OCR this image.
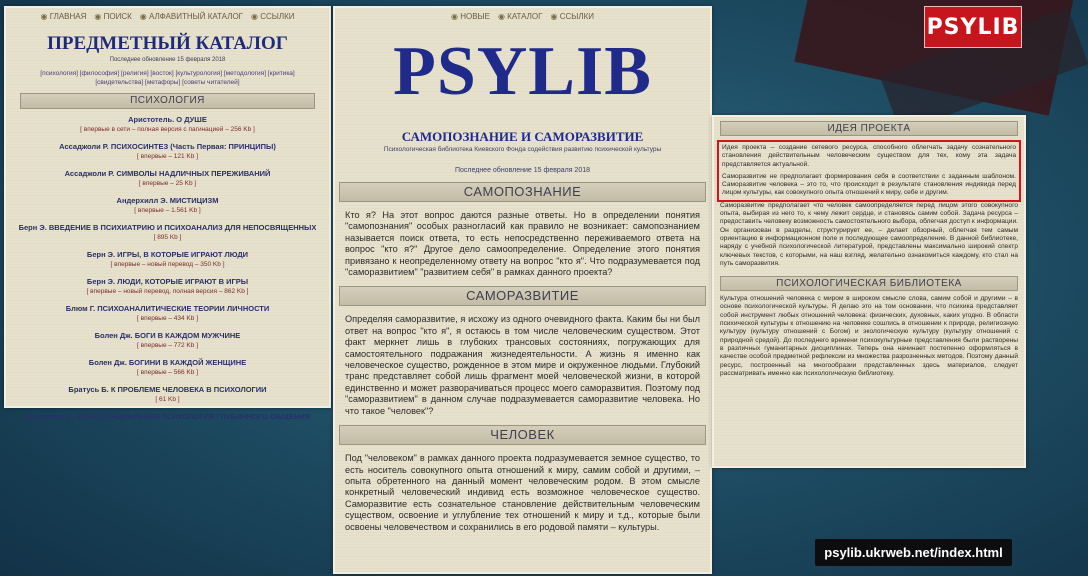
PSYLIB
◉ ГЛАВНАЯ	◉ ПОИСК	◉ АЛФАВИТНЫЙ КАТАЛОГ	◉ ССЫЛКИ
ПРЕДМЕТНЫЙ КАТАЛОГ
Последнее обновление 15 февраля 2018
[психология] [философия] [религия] [восток] [культурология] [методология] [критика] [свидетельства] [метафоры] [советы читателей]
ПСИХОЛОГИЯ
Аристотель. О ДУШЕ
[ впервые в сети – полная версия с пагинацией – 256 Kb ]
Ассаджоли Р. ПСИХОСИНТЕЗ (Часть Первая: ПРИНЦИПЫ)
[ впервые – 121 Kb ]
Ассаджоли Р. СИМВОЛЫ НАДЛИЧНЫХ ПЕРЕЖИВАНИЙ
[ впервые – 25 Kb ]
Андерхилл Э. МИСТИЦИЗМ
[ впервые – 1.561 Kb ]
Берн Э. ВВЕДЕНИЕ В ПСИХИАТРИЮ И ПСИХОАНАЛИЗ ДЛЯ НЕПОСВЯЩЕННЫХ
[ 895 Kb ]
Берн Э. ИГРЫ, В КОТОРЫЕ ИГРАЮТ ЛЮДИ
[ впервые – новый перевод – 350 Kb ]
Берн Э. ЛЮДИ, КОТОРЫЕ ИГРАЮТ В ИГРЫ
[ впервые – новый перевод, полная версия – 862 Kb ]
Блюм Г. ПСИХОАНАЛИТИЧЕСКИЕ ТЕОРИИ ЛИЧНОСТИ
[ впервые – 434 Kb ]
Болен Дж. БОГИ В КАЖДОМ МУЖЧИНЕ
[ впервые – 772 Kb ]
Болен Дж. БОГИНИ В КАЖДОЙ ЖЕНЩИНЕ
[ впервые – 566 Kb ]
Братусь Б. К ПРОБЛЕМЕ ЧЕЛОВЕКА В ПСИХОЛОГИИ
[ 61 Kb ]
Братченко С. ЭКЗИСТЕНЦИАЛЬНАЯ ПСИХОЛОГИЯ ГЛУБИННОГО ОБЩЕНИЯ
◉ НОВЫЕ	◉ КАТАЛОГ	◉ ССЫЛКИ
PSYLIB
САМОПОЗНАНИЕ И САМОРАЗВИТИЕ
Психологическая библиотека Киевского Фонда содействия развитию психической культуры
Последнее обновление 15 февраля 2018
САМОПОЗНАНИЕ
Кто я? На этот вопрос даются разные ответы. Но в определении понятия "самопознания" особых разногласий как правило не возникает: самопознанием называется поиск ответа, то есть непосредственно переживаемого ответа на вопрос "кто я?" Другое дело самоопределение. Определение этого понятия привязано к неопределенному ответу на вопрос "кто я". Что подразумевается под "саморазвитием" "развитием себя" в рамках данного проекта?
САМОРАЗВИТИЕ
Определяя саморазвитие, я исхожу из одного очевидного факта. Каким бы ни был ответ на вопрос "кто я", я остаюсь в том числе человеческим существом. Этот факт меркнет лишь в глубоких трансовых состояниях, погружающих для самостоятельного подражания жизнедеятельности. А жизнь я именно как человеческое существо, рожденное в этом мире и окруженное людьми. Глубокий транс представляет собой лишь фрагмент моей человеческой жизни, в которой единственно и может разворачиваться процесс моего саморазвития. Поэтому под "саморазвитием" в данном случае подразумевается саморазвитие человека. Но что такое "человек"?
ЧЕЛОВЕК
Под "человеком" в рамках данного проекта подразумевается земное существо, то есть носитель совокупного опыта отношений к миру, самим собой и другими, – опыта обретенного на данный момент человеческим родом. В этом смысле конкретный человеческий индивид есть возможное человеческое существо. Саморазвитие есть сознательное становление действительным человеческим существом, освоение и углубление тех отношений к миру и т.д., которые были освоены человечеством и сохранились в его родовой памяти – культуры.
ИДЕЯ ПРОЕКТА
Идея проекта – создание сетевого ресурса, способного облегчать задачу сознательного становления действительным человеческим существом для тех, кому эта задача представляется актуальной.
Саморазвитие не предполагает формирования себя в соответствии с заданным шаблоном. Саморазвитие человека – это то, что происходит в результате становления индивида перед лицом культуры, как совокупного опыта отношений к миру, себе и другим.
Саморазвитие предполагает что человек самоопределяется перед лицом этого совокупного опыта, выбирая из него то, к чему лежит сердце, и становясь самим собой. Задача ресурса – предоставить человеку возможность самостоятельного выбора, облегчая доступ к информации. Он организован в разделы, структурирует ее, – делает обзорный, облегчая тем самым ориентацию в информационном поле и последующее самоопределение. В данной библиотеке, наряду с учебной психологической литературой, представлены максимально широкий спектр ключевых текстов, с которыми, на наш взгляд, желательно ознакомиться каждому, кто стал на путь саморазвития.
ПСИХОЛОГИЧЕСКАЯ БИБЛИОТЕКА
Культура отношений человека с миром в широком смысле слова, самим собой и другими – в основе психологической культуры. Я делаю это на том основании, что психика представляет собой инструмент любых отношений человека: физических, духовных, каких угодно. В области психической культуры к отношению на человеке сошлись в отношении к природе, религиозную культуру (культуру отношений с Богом) и экологическую культуру (культуру отношений с природной средой). До последнего времени психокультурные представления были растворены в различных гуманитарных дисциплинах. Теперь она начинает постепенно оформляться в качестве особой предметной рефлексии из множества разрозненных методов. Поэтому данный ресурс, построенный на многообразии представленных здесь материалов, следует рассматривать именно как психологическую библиотеку.
psylib.ukrweb.net/index.html
